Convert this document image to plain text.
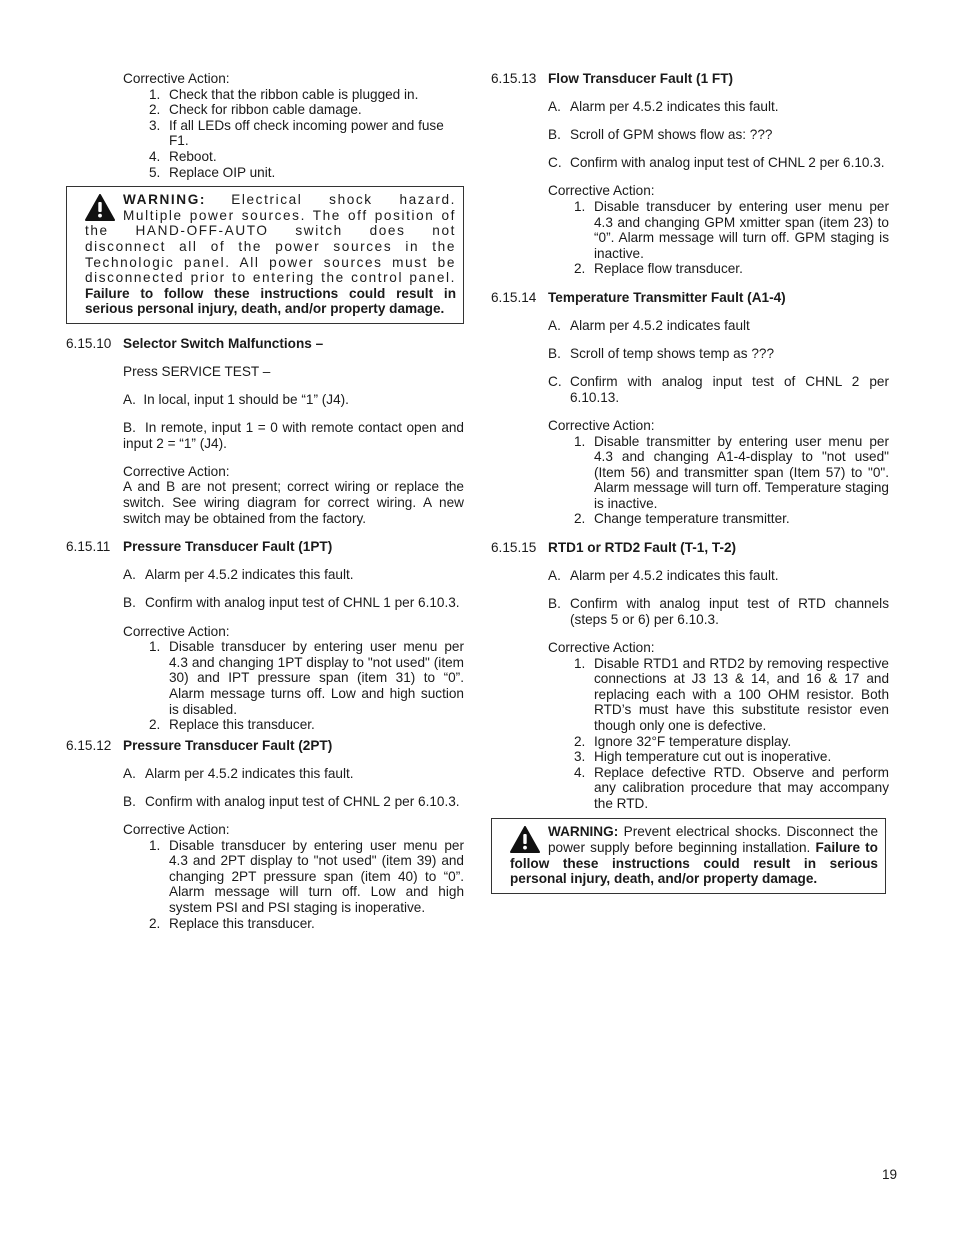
Corrective Action:

1. Check that the ribbon cable is plugged in.
2. Check for ribbon cable damage.
3. If all LEDs off check incoming power and fuse F1.
4. Reboot.
5. Replace OIP unit.
WARNING: Electrical shock hazard. Multiple power sources. The off position of the HAND-OFF-AUTO switch does not disconnect all of the power sources in the Technologic panel. All power sources must be disconnected prior to entering the control panel. Failure to follow these instructions could result in serious personal injury, death, and/or property damage.
6.15.10 Selector Switch Malfunctions –

Press SERVICE TEST –

A. In local, input 1 should be “1” (J4).

B. In remote, input 1 = 0 with remote contact open and input 2 = “1” (J4).

Corrective Action:

A and B are not present; correct wiring or replace the switch. See wiring diagram for correct wiring. A new switch may be obtained from the factory.

6.15.11 Pressure Transducer Fault (1PT)
A. Alarm per 4.5.2 indicates this fault.
B. Confirm with analog input test of CHNL 1 per 6.10.3.

Corrective Action:

1. Disable transducer by entering user menu per 4.3 and changing 1PT display to "not used" (item 30) and IPT pressure span (item 31) to “0”. Alarm message turns off. Low and high suction is disabled.
2. Replace this transducer.
6.15.12 Pressure Transducer Fault (2PT)
A. Alarm per 4.5.2 indicates this fault.
B. Confirm with analog input test of CHNL 2 per 6.10.3.

Corrective Action:

1. Disable transducer by entering user menu per 4.3 and 2PT display to "not used" (item 39) and changing 2PT pressure span (item 40) to “0”. Alarm message will turn off. Low and high system PSI and PSI staging is inoperative.
2. Replace this transducer.
6.15.13 Flow Transducer Fault (1 FT)
A. Alarm per 4.5.2 indicates this fault.
B. Scroll of GPM shows flow as: ???
C. Confirm with analog input test of CHNL 2 per 6.10.3.

Corrective Action:

1. Disable transducer by entering user menu per 4.3 and changing GPM xmitter span (item 23) to “0”. Alarm message will turn off. GPM staging is inactive.
2. Replace flow transducer.
6.15.14 Temperature Transmitter Fault (A1-4)
A. Alarm per 4.5.2 indicates fault
B. Scroll of temp shows temp as ???
C. Confirm with analog input test of CHNL 2 per 6.10.13.

Corrective Action:

1. Disable transmitter by entering user menu per 4.3 and changing A1-4-display to "not used" (Item 56) and transmitter span (Item 57) to "0". Alarm message will turn off. Temperature staging is inactive.
2. Change temperature transmitter.
6.15.15 RTD1 or RTD2 Fault (T-1, T-2)
A. Alarm per 4.5.2 indicates this fault.
B. Confirm with analog input test of RTD channels (steps 5 or 6) per 6.10.3.

Corrective Action:

1. Disable RTD1 and RTD2 by removing respective connections at J3 13 & 14, and 16 & 17 and replacing each with a 100 OHM resistor. Both RTD’s must have this substitute resistor even though only one is defective.
2. Ignore 32°F temperature display.
3. High temperature cut out is inoperative.
4. Replace defective RTD. Observe and perform any calibration procedure that may accompany the RTD.
WARNING: Prevent electrical shocks. Disconnect the power supply before beginning installation. Failure to follow these instructions could result in serious personal injury, death, and/or property damage.
19
